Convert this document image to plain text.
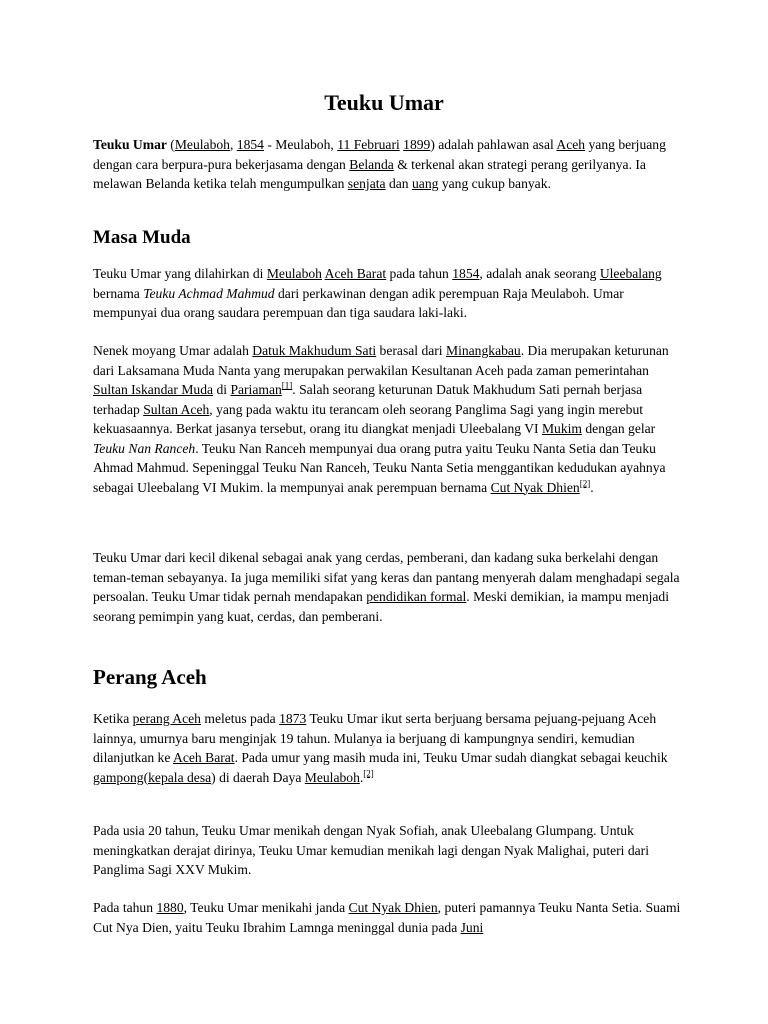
Teuku Umar

Teuku Umar (Meulaboh, 1854 - Meulaboh, 11 Februari 1899) adalah pahlawan asal Aceh yang berjuang dengan cara berpura-pura bekerjasama dengan Belanda & terkenal akan strategi perang gerilyanya. Ia melawan Belanda ketika telah mengumpulkan senjata dan uang yang cukup banyak.

Masa Muda

Teuku Umar yang dilahirkan di Meulaboh Aceh Barat pada tahun 1854, adalah anak seorang Uleebalang bernama Teuku Achmad Mahmud dari perkawinan dengan adik perempuan Raja Meulaboh. Umar mempunyai dua orang saudara perempuan dan tiga saudara laki-laki.

Nenek moyang Umar adalah Datuk Makhudum Sati berasal dari Minangkabau. Dia merupakan keturunan dari Laksamana Muda Nanta yang merupakan perwakilan Kesultanan Aceh pada zaman pemerintahan Sultan Iskandar Muda di Pariaman[1]. Salah seorang keturunan Datuk Makhudum Sati pernah berjasa terhadap Sultan Aceh, yang pada waktu itu terancam oleh seorang Panglima Sagi yang ingin merebut kekuasaannya. Berkat jasanya tersebut, orang itu diangkat menjadi Uleebalang VI Mukim dengan gelar Teuku Nan Ranceh. Teuku Nan Ranceh mempunyai dua orang putra yaitu Teuku Nanta Setia dan Teuku Ahmad Mahmud. Sepeninggal Teuku Nan Ranceh, Teuku Nanta Setia menggantikan kedudukan ayahnya sebagai Uleebalang VI Mukim. la mempunyai anak perempuan bernama Cut Nyak Dhien[2].

Teuku Umar dari kecil dikenal sebagai anak yang cerdas, pemberani, dan kadang suka berkelahi dengan teman-teman sebayanya. Ia juga memiliki sifat yang keras dan pantang menyerah dalam menghadapi segala persoalan. Teuku Umar tidak pernah mendapakan pendidikan formal. Meski demikian, ia mampu menjadi seorang pemimpin yang kuat, cerdas, dan pemberani.

Perang Aceh

Ketika perang Aceh meletus pada 1873 Teuku Umar ikut serta berjuang bersama pejuang-pejuang Aceh lainnya, umurnya baru menginjak 19 tahun. Mulanya ia berjuang di kampungnya sendiri, kemudian dilanjutkan ke Aceh Barat. Pada umur yang masih muda ini, Teuku Umar sudah diangkat sebagai keuchik gampong(kepala desa) di daerah Daya Meulaboh.[2]

Pada usia 20 tahun, Teuku Umar menikah dengan Nyak Sofiah, anak Uleebalang Glumpang. Untuk meningkatkan derajat dirinya, Teuku Umar kemudian menikah lagi dengan Nyak Malighai, puteri dari Panglima Sagi XXV Mukim.

Pada tahun 1880, Teuku Umar menikahi janda Cut Nyak Dhien, puteri pamannya Teuku Nanta Setia. Suami Cut Nya Dien, yaitu Teuku Ibrahim Lamnga meninggal dunia pada Juni
